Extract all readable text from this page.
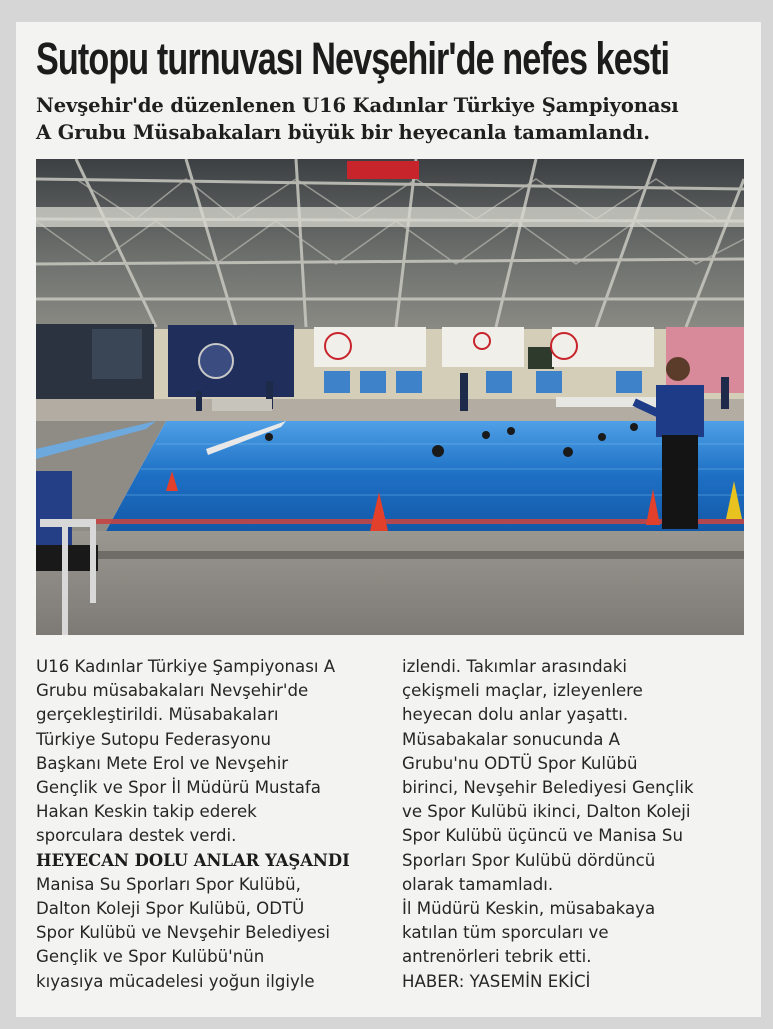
Sutopu turnuvası Nevşehir'de nefes kesti
Nevşehir'de düzenlenen U16 Kadınlar Türkiye Şampiyonası
A Grubu Müsabakaları büyük bir heyecanla tamamlandı.
U16 Kadınlar Türkiye Şampiyonası A
Grubu müsabakaları Nevşehir'de
gerçekleştirildi. Müsabakaları
Türkiye Sutopu Federasyonu
Başkanı Mete Erol ve Nevşehir
Gençlik ve Spor İl Müdürü Mustafa
Hakan Keskin takip ederek
sporculara destek verdi.
HEYECAN DOLU ANLAR YAŞANDI
Manisa Su Sporları Spor Kulübü,
Dalton Koleji Spor Kulübü, ODTÜ
Spor Kulübü ve Nevşehir Belediyesi
Gençlik ve Spor Kulübü'nün
kıyasıya mücadelesi yoğun ilgiyle
izlendi. Takımlar arasındaki
çekişmeli maçlar, izleyenlere
heyecan dolu anlar yaşattı.
Müsabakalar sonucunda A
Grubu'nu ODTÜ Spor Kulübü
birinci, Nevşehir Belediyesi Gençlik
ve Spor Kulübü ikinci, Dalton Koleji
Spor Kulübü üçüncü ve Manisa Su
Sporları Spor Kulübü dördüncü
olarak tamamladı.
İl Müdürü Keskin, müsabakaya
katılan tüm sporcuları ve
antrenörleri tebrik etti.
HABER: YASEMİN EKİCİ
